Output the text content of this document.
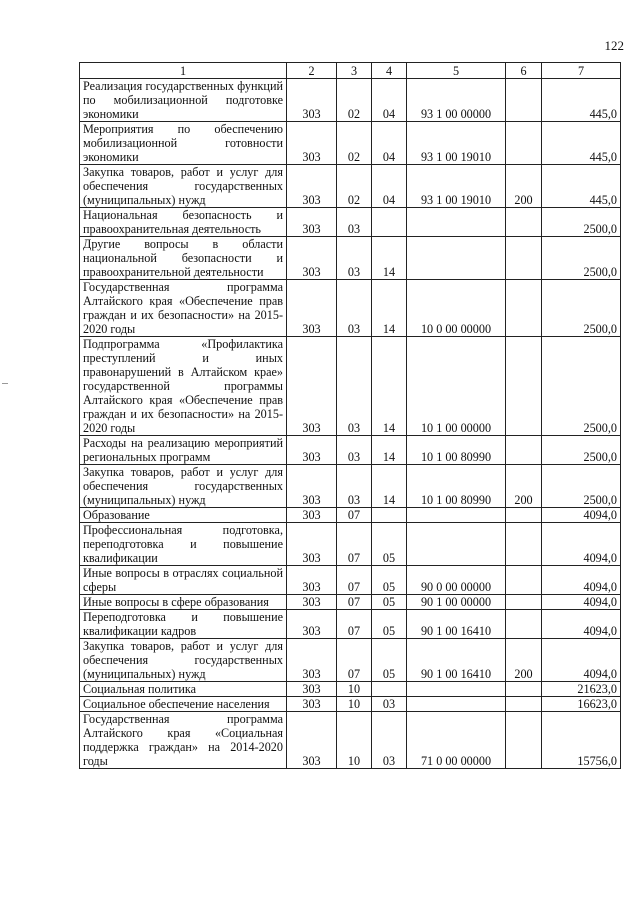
122
1	2	3	4	5	6	7
Реализация государственных функций по мобилизационной подготовке экономики	303	02	04	93 1 00 00000		445,0
Мероприятия по обеспечению мобилизационной готовности экономики	303	02	04	93 1 00 19010		445,0
Закупка товаров, работ и услуг для обеспечения государственных (муниципальных) нужд	303	02	04	93 1 00 19010	200	445,0
Национальная безопасность и правоохранительная деятельность	303	03				2500,0
Другие вопросы в области национальной безопасности и правоохранительной деятельности	303	03	14			2500,0
Государственная программа Алтайского края «Обеспечение прав граждан и их безопасности» на 2015-2020 годы	303	03	14	10 0 00 00000		2500,0
Подпрограмма «Профилактика преступлений и иных правонарушений в Алтайском крае» государственной программы Алтайского края «Обеспечение прав граждан и их безопасности» на 2015-2020 годы	303	03	14	10 1 00 00000		2500,0
Расходы на реализацию мероприятий региональных программ	303	03	14	10 1 00 80990		2500,0
Закупка товаров, работ и услуг для обеспечения государственных (муниципальных) нужд	303	03	14	10 1 00 80990	200	2500,0
Образование	303	07				4094,0
Профессиональная подготовка, переподготовка и повышение квалификации	303	07	05			4094,0
Иные вопросы в отраслях социальной сферы	303	07	05	90 0 00 00000		4094,0
Иные вопросы в сфере образования	303	07	05	90 1 00 00000		4094,0
Переподготовка и повышение квалификации кадров	303	07	05	90 1 00 16410		4094,0
Закупка товаров, работ и услуг для обеспечения государственных (муниципальных) нужд	303	07	05	90 1 00 16410	200	4094,0
Социальная политика	303	10				21623,0
Социальное обеспечение населения	303	10	03			16623,0
Государственная программа Алтайского края «Социальная поддержка граждан» на 2014-2020 годы	303	10	03	71 0 00 00000		15756,0
